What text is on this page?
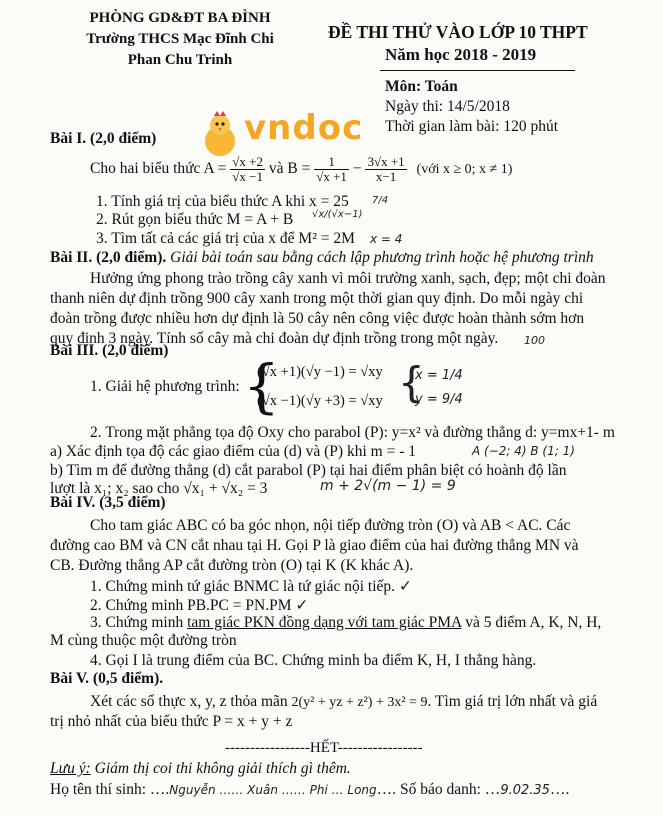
PHÒNG GD&ĐT BA ĐÌNH
Trường THCS Mạc Đĩnh Chi
Phan Chu Trinh
ĐỀ THI THỬ VÀO LỚP 10 THPT
Năm học 2018 - 2019
Môn: Toán
Ngày thi: 14/5/2018
Thời gian làm bài: 120 phút
vndoc
Bài I. (2,0 điểm)
Cho hai biểu thức $A = \frac{√x +2}{√x -1}$ và $B = \frac{1}{√x +1} - \frac{3√x +1}{x-1}$ (với x ≥ 0; x ≠ 1)
1. Tính giá trị của biểu thức A khi x = 25 7/4
2. Rút gọn biểu thức M = A + B √x/(√x−1)
3. Tìm tất cả các giá trị của x để M² = 2M x = 4
Bài II. (2,0 điểm). Giải bài toán sau bằng cách lập phương trình hoặc hệ phương trình
Hưởng ứng phong trào trồng cây xanh vì môi trường xanh, sạch, đẹp; một chi đoàn
thanh niên dự định trồng 900 cây xanh trong một thời gian quy định. Do mỗi ngày chi
đoàn trồng được nhiều hơn dự định là 50 cây nên công việc được hoàn thành sớm hơn
quy định 3 ngày. Tính số cây mà chi đoàn dự định trồng trong một ngày. 100
Bài III. (2,0 điểm)
1. Giải hệ phương trình: {
(√x +1)(√y −1) = √xy
(√x −1)(√y +3) = √xy {
x = 1/4
y = 9/4
2. Trong mặt phẳng tọa độ Oxy cho parabol (P): y=x² và đường thẳng d: y=mx+1- m
a) Xác định tọa độ các giao điểm của (d) và (P) khi m = - 1	A (−2; 4) B (1; 1)
b) Tìm m để đường thẳng (d) cắt parabol (P) tại hai điểm phân biệt có hoành độ lần
lượt là x₁; x₂ sao cho √x₁ + √x₂ = 3	m + 2√(m − 1) = 9
Bài IV. (3,5 điểm)
Cho tam giác ABC có ba góc nhọn, nội tiếp đường tròn (O) và AB < AC. Các
đường cao BM và CN cắt nhau tại H. Gọi P là giao điểm của hai đường thẳng MN và
CB. Đường thẳng AP cắt đường tròn (O) tại K (K khác A).
1. Chứng minh tứ giác BNMC là tứ giác nội tiếp. ✓
2. Chứng minh PB.PC = PN.PM ✓
3. Chứng minh tam giác PKN đồng dạng với tam giác PMA và 5 điểm A, K, N, H,
M cùng thuộc một đường tròn
4. Gọi I là trung điểm của BC. Chứng minh ba điểm K, H, I thẳng hàng.
Bài V. (0,5 điểm).
Xét các số thực x, y, z thỏa mãn 2(y² + yz + z²) + 3x² = 9. Tìm giá trị lớn nhất và giá
trị nhỏ nhất của biểu thức P = x + y + z
-----------------HẾT-----------------
Lưu ý: Giám thị coi thi không giải thích gì thêm.
Họ tên thí sinh: ….Nguyễn …… Xuân …… Phi … Long…. Số báo danh: …9.02.35….
